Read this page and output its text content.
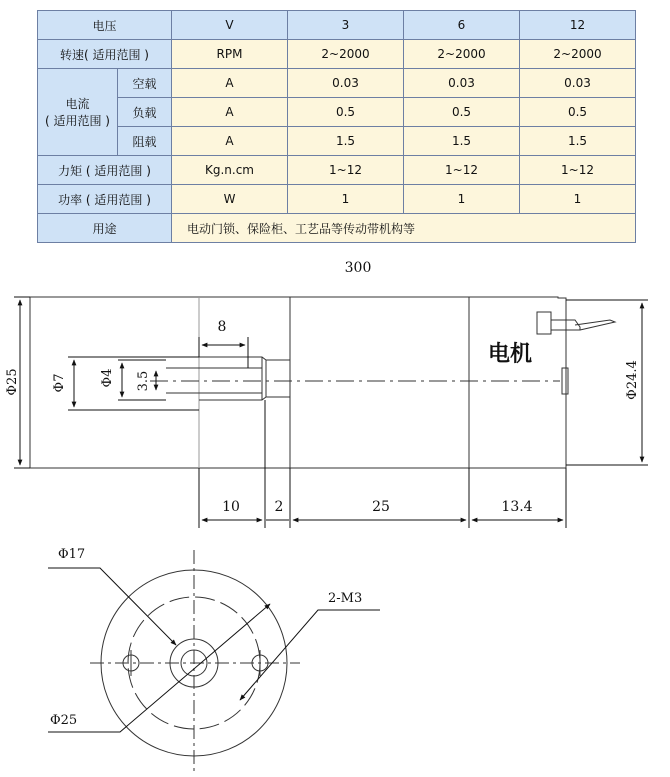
电压		V	3	6	12
转速( 适用范围 )		RPM	2~2000	2~2000	2~2000

电流
( 适用范围 )	空载	A	0.03	0.03	0.03
	负载	A	0.5	0.5	0.5
	阻载	A	1.5	1.5	1.5
力矩 ( 适用范围 )		Kg.n.cm	1~12	1~12	1~12
功率 ( 适用范围 )		W	1	1	1
用途		电动门锁、保险柜、工艺品等传动带机构等			
300
电机
Φ25 Φ7	Φ4 3.5
8
Φ24.4
10 2	25	13.4
Φ17
Φ25
2-M3
